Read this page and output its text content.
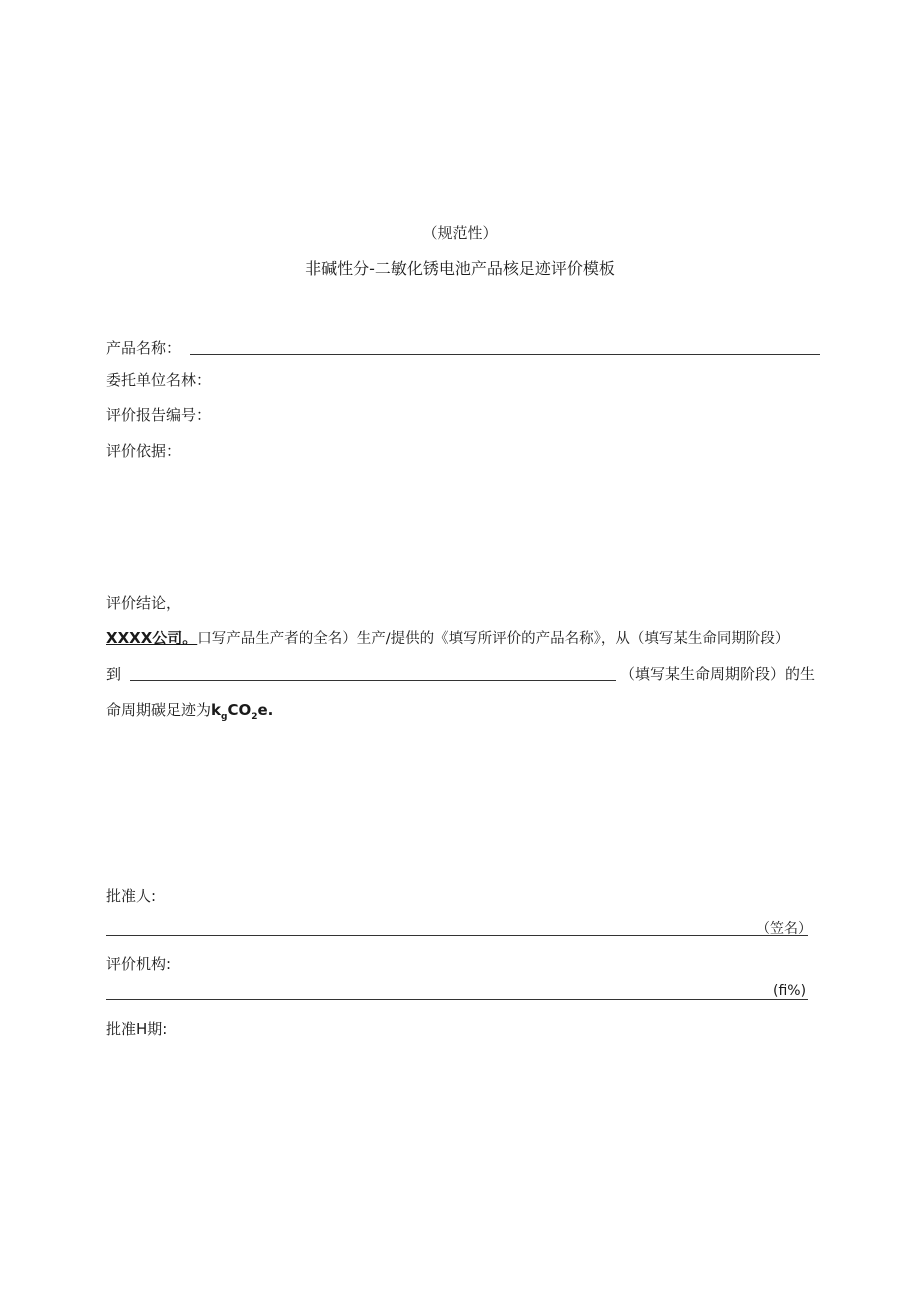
（规范性）
非碱性分-二敏化锈电池产品核足迹评价模板
产品名称：
委托单位名林：
评价报告编号：
评价依据：
评价结论，
XXXX公司。口写产品生产者的全名）生产/提供的《填写所评价的产品名称》，从（填写某生命同期阶段）
到	（填写某生命周期阶段）的生
命周期碳足迹为$k_gCO_2e$.
批准人:
（笠名）
评价机构:
(fi%)
批准H期:
